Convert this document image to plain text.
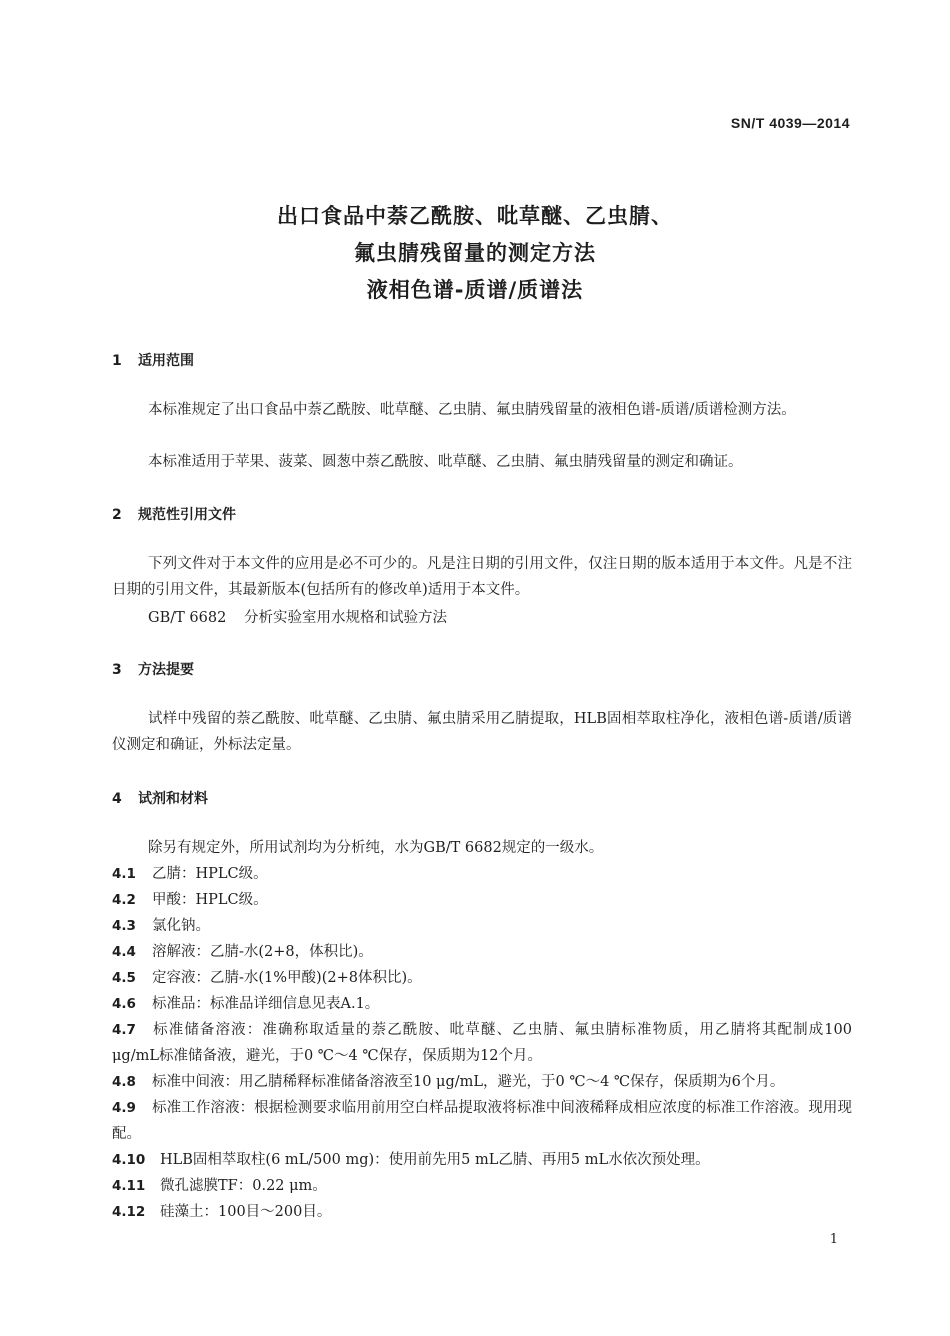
SN/T 4039—2014
出口食品中萘乙酰胺、吡草醚、乙虫腈、
氟虫腈残留量的测定方法
液相色谱-质谱/质谱法
1 适用范围
本标准规定了出口食品中萘乙酰胺、吡草醚、乙虫腈、氟虫腈残留量的液相色谱-质谱/质谱检测方法。
本标准适用于苹果、菠菜、圆葱中萘乙酰胺、吡草醚、乙虫腈、氟虫腈残留量的测定和确证。
2 规范性引用文件
下列文件对于本文件的应用是必不可少的。凡是注日期的引用文件，仅注日期的版本适用于本文件。凡是不注日期的引用文件，其最新版本(包括所有的修改单)适用于本文件。
GB/T 6682 分析实验室用水规格和试验方法
3 方法提要
试样中残留的萘乙酰胺、吡草醚、乙虫腈、氟虫腈采用乙腈提取，HLB固相萃取柱净化，液相色谱-质谱/质谱仪测定和确证，外标法定量。
4 试剂和材料
除另有规定外，所用试剂均为分析纯，水为GB/T 6682规定的一级水。
4.1 乙腈：HPLC级。
4.2 甲酸：HPLC级。
4.3 氯化钠。
4.4 溶解液：乙腈-水(2+8，体积比)。
4.5 定容液：乙腈-水(1%甲酸)(2+8体积比)。
4.6 标准品：标准品详细信息见表A.1。
4.7 标准储备溶液：准确称取适量的萘乙酰胺、吡草醚、乙虫腈、氟虫腈标准物质，用乙腈将其配制成100 μg/mL标准储备液，避光，于0 ℃～4 ℃保存，保质期为12个月。
4.8 标准中间液：用乙腈稀释标准储备溶液至10 μg/mL，避光，于0 ℃～4 ℃保存，保质期为6个月。
4.9 标准工作溶液：根据检测要求临用前用空白样品提取液将标准中间液稀释成相应浓度的标准工作溶液。现用现配。
4.10 HLB固相萃取柱(6 mL/500 mg)：使用前先用5 mL乙腈、再用5 mL水依次预处理。
4.11 微孔滤膜TF：0.22 μm。
4.12 硅藻土：100目～200目。
1
